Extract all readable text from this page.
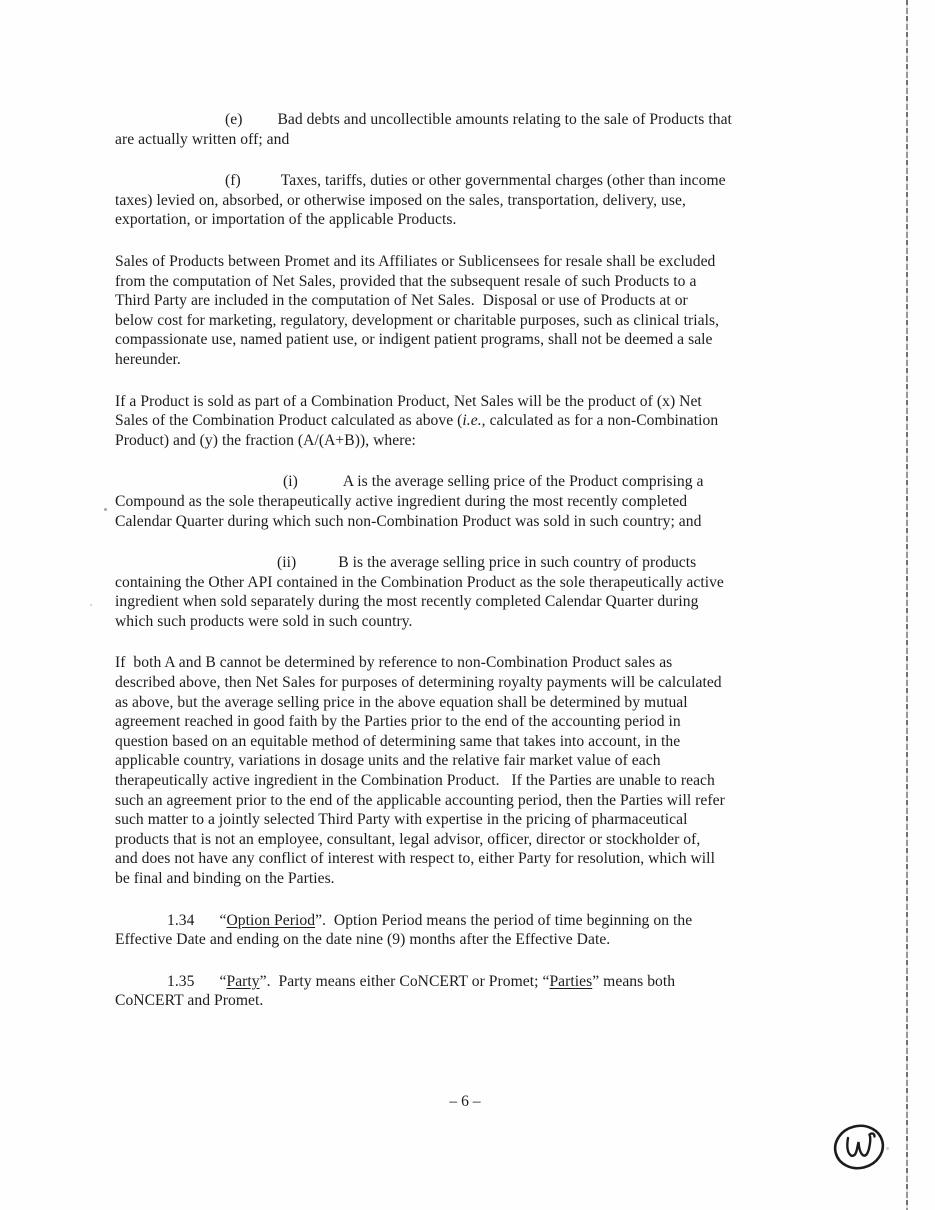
(e) Bad debts and uncollectible amounts relating to the sale of Products that
are actually written off; and

(f)	Taxes, tariffs, duties or other governmental charges (other than income
taxes) levied on, absorbed, or otherwise imposed on the sales, transportation, delivery, use,
exportation, or importation of the applicable Products.

Sales of Products between Promet and its Affiliates or Sublicensees for resale shall be excluded
from the computation of Net Sales, provided that the subsequent resale of such Products to a
Third Party are included in the computation of Net Sales.  Disposal or use of Products at or
below cost for marketing, regulatory, development or charitable purposes, such as clinical trials,
compassionate use, named patient use, or indigent patient programs, shall not be deemed a sale
hereunder.

If a Product is sold as part of a Combination Product, Net Sales will be the product of (x) Net
Sales of the Combination Product calculated as above (i.e., calculated as for a non-Combination
Product) and (y) the fraction (A/(A+B)), where:

(i)	A is the average selling price of the Product comprising a
Compound as the sole therapeutically active ingredient during the most recently completed
Calendar Quarter during which such non-Combination Product was sold in such country; and

(ii)	B is the average selling price in such country of products
containing the Other API contained in the Combination Product as the sole therapeutically active
ingredient when sold separately during the most recently completed Calendar Quarter during
which such products were sold in such country.

If  both A and B cannot be determined by reference to non-Combination Product sales as
described above, then Net Sales for purposes of determining royalty payments will be calculated
as above, but the average selling price in the above equation shall be determined by mutual
agreement reached in good faith by the Parties prior to the end of the accounting period in
question based on an equitable method of determining same that takes into account, in the
applicable country, variations in dosage units and the relative fair market value of each
therapeutically active ingredient in the Combination Product.   If the Parties are unable to reach
such an agreement prior to the end of the applicable accounting period, then the Parties will refer
such matter to a jointly selected Third Party with expertise in the pricing of pharmaceutical
products that is not an employee, consultant, legal advisor, officer, director or stockholder of,
and does not have any conflict of interest with respect to, either Party for resolution, which will
be final and binding on the Parties.

1.34 “Option Period”.  Option Period means the period of time beginning on the
Effective Date and ending on the date nine (9) months after the Effective Date.

1.35 “Party”.  Party means either CoNCERT or Promet; “Parties” means both
CoNCERT and Promet.

– 6 –
